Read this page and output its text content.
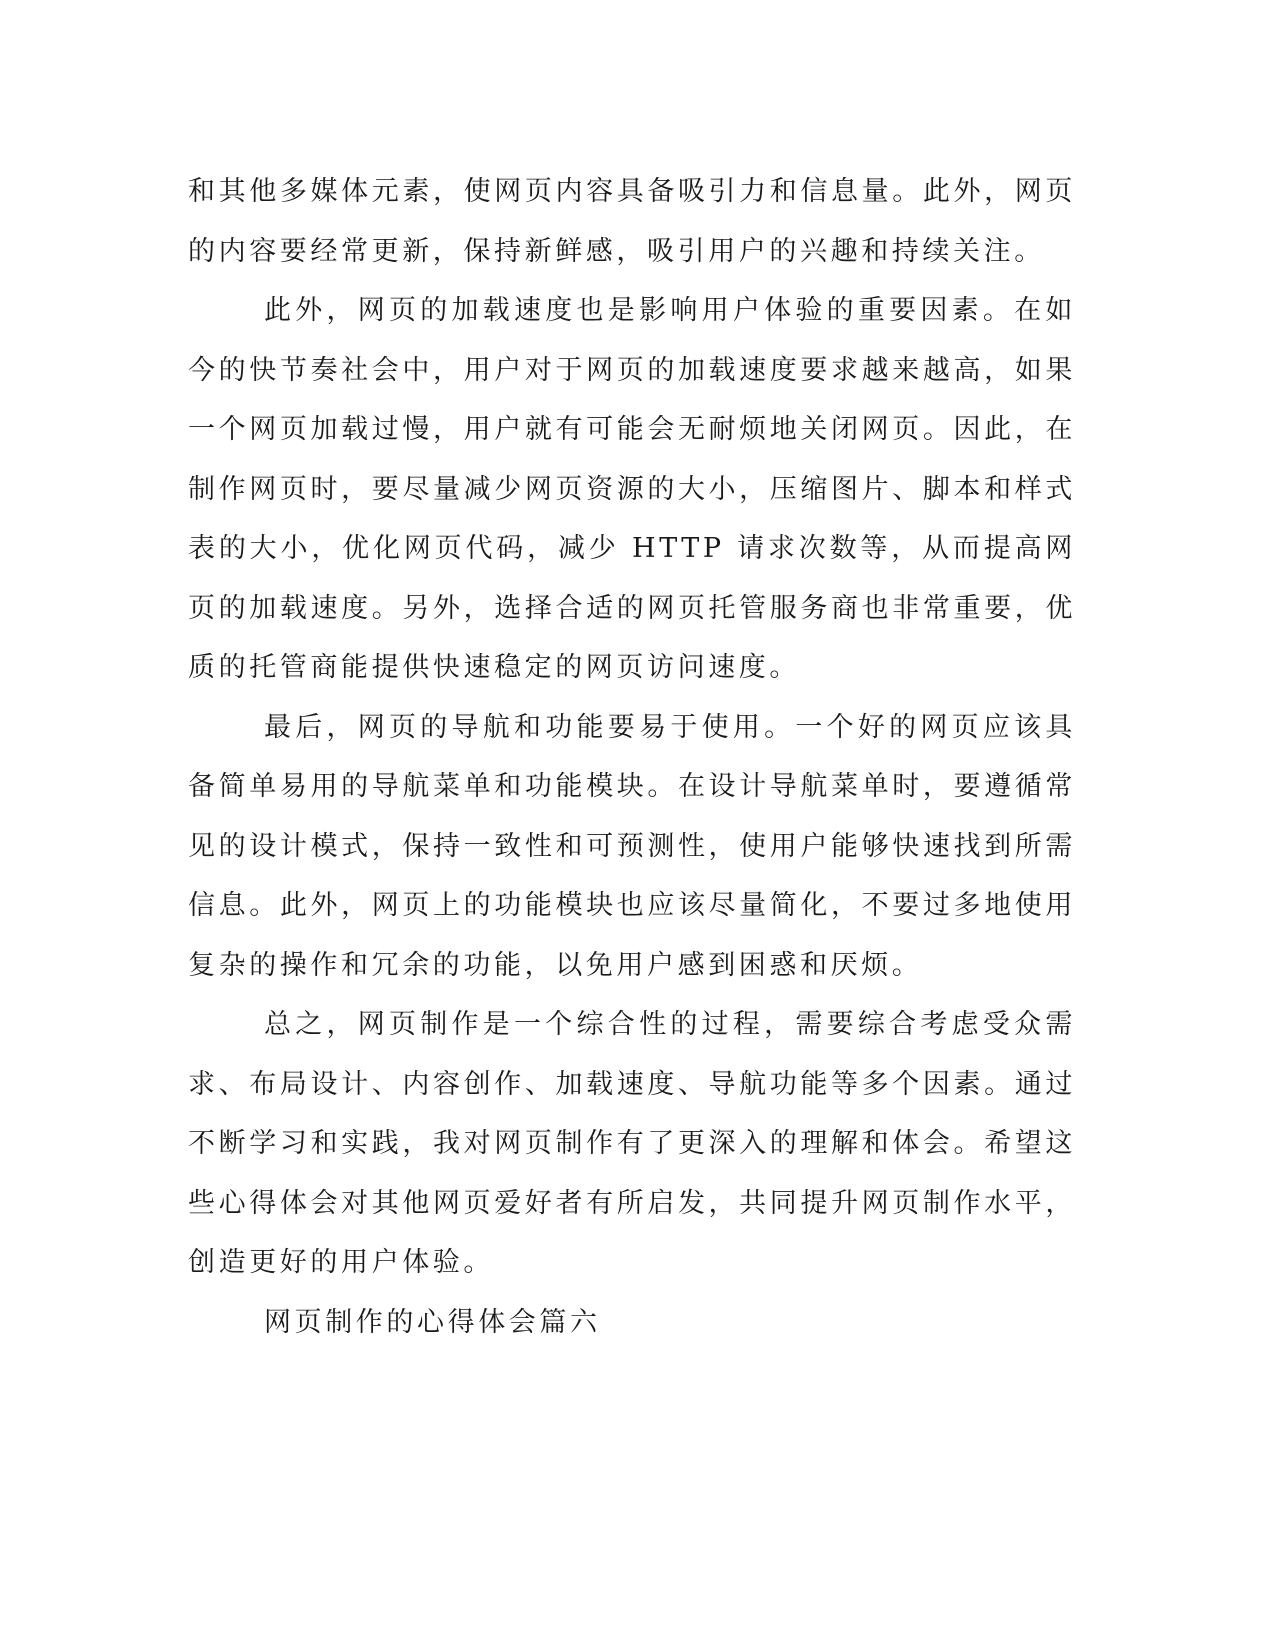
和其他多媒体元素，使网页内容具备吸引力和信息量。此外，网页的内容要经常更新，保持新鲜感，吸引用户的兴趣和持续关注。

此外，网页的加载速度也是影响用户体验的重要因素。在如今的快节奏社会中，用户对于网页的加载速度要求越来越高，如果一个网页加载过慢，用户就有可能会无耐烦地关闭网页。因此，在制作网页时，要尽量减少网页资源的大小，压缩图片、脚本和样式表的大小，优化网页代码，减少 HTTP 请求次数等，从而提高网页的加载速度。另外，选择合适的网页托管服务商也非常重要，优质的托管商能提供快速稳定的网页访问速度。

最后，网页的导航和功能要易于使用。一个好的网页应该具备简单易用的导航菜单和功能模块。在设计导航菜单时，要遵循常见的设计模式，保持一致性和可预测性，使用户能够快速找到所需信息。此外，网页上的功能模块也应该尽量简化，不要过多地使用复杂的操作和冗余的功能，以免用户感到困惑和厌烦。

总之，网页制作是一个综合性的过程，需要综合考虑受众需求、布局设计、内容创作、加载速度、导航功能等多个因素。通过不断学习和实践，我对网页制作有了更深入的理解和体会。希望这些心得体会对其他网页爱好者有所启发，共同提升网页制作水平，创造更好的用户体验。

网页制作的心得体会篇六
